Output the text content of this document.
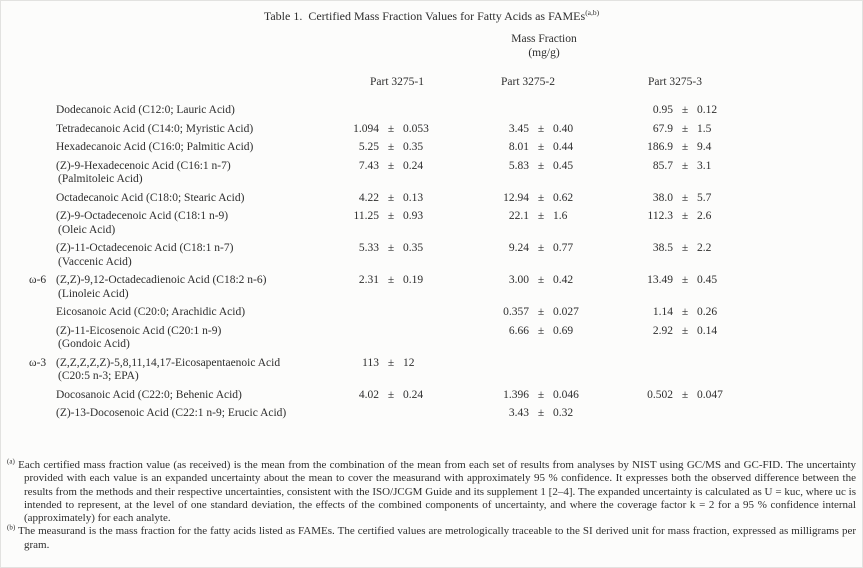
Table 1.  Certified Mass Fraction Values for Fatty Acids as FAMEs$^{(a,b)}$

		Mass Fraction
(mg/g)								

		Part 3275-1			Part 3275-2			Part 3275-3		

	Dodecanoic Acid (C12:0; Lauric Acid)							0.95	±	0.12

	Tetradecanoic Acid (C14:0; Myristic Acid)	1.094	±	0.053	3.45	±	0.40	67.9	±	1.5

	Hexadecanoic Acid (C16:0; Palmitic Acid)	5.25	±	0.35	8.01	±	0.44	186.9	±	9.4

	(Z)-9-Hexadecenoic Acid (C16:1 n-7)
(Palmitoleic Acid)	7.43	±	0.24	5.83	±	0.45	85.7	±	3.1

	Octadecanoic Acid (C18:0; Stearic Acid)	4.22	±	0.13	12.94	±	0.62	38.0	±	5.7

	(Z)-9-Octadecenoic Acid (C18:1 n-9)
(Oleic Acid)	11.25	±	0.93	22.1	±	1.6	112.3	±	2.6

	(Z)-11-Octadecenoic Acid (C18:1 n-7)
(Vaccenic Acid)	5.33	±	0.35	9.24	±	0.77	38.5	±	2.2
ω-6	(Z,Z)-9,12-Octadecadienoic Acid (C18:2 n-6)
(Linoleic Acid)	2.31	±	0.19	3.00	±	0.42	13.49	±	0.45

	Eicosanoic Acid (C20:0; Arachidic Acid)				0.357	±	0.027	1.14	±	0.26

	(Z)-11-Eicosenoic Acid (C20:1 n-9)
(Gondoic Acid)				6.66	±	0.69	2.92	±	0.14
ω-3	(Z,Z,Z,Z,Z)-5,8,11,14,17-Eicosapentaenoic Acid
(C20:5 n-3; EPA)	113	±	12						

	Docosanoic Acid (C22:0; Behenic Acid)	4.02	±	0.24	1.396	±	0.046	0.502	±	0.047

	(Z)-13-Docosenoic Acid (C22:1 n-9; Erucic Acid)				3.43	±	0.32			
$^{(a)}$ Each certified mass fraction value (as received) is the mean from the combination of the mean from each set of results from analyses by NIST using GC/MS and GC-FID. The uncertainty provided with each value is an expanded uncertainty about the mean to cover the measurand with approximately 95 % confidence. It expresses both the observed difference between the results from the methods and their respective uncertainties, consistent with the ISO/JCGM Guide and its supplement 1 [2–4]. The expanded uncertainty is calculated as U = kuc, where uc is intended to represent, at the level of one standard deviation, the effects of the combined components of uncertainty, and where the coverage factor k = 2 for a 95 % confidence internal (approximately) for each analyte.
$^{(b)}$ The measurand is the mass fraction for the fatty acids listed as FAMEs. The certified values are metrologically traceable to the SI derived unit for mass fraction, expressed as milligrams per gram.
